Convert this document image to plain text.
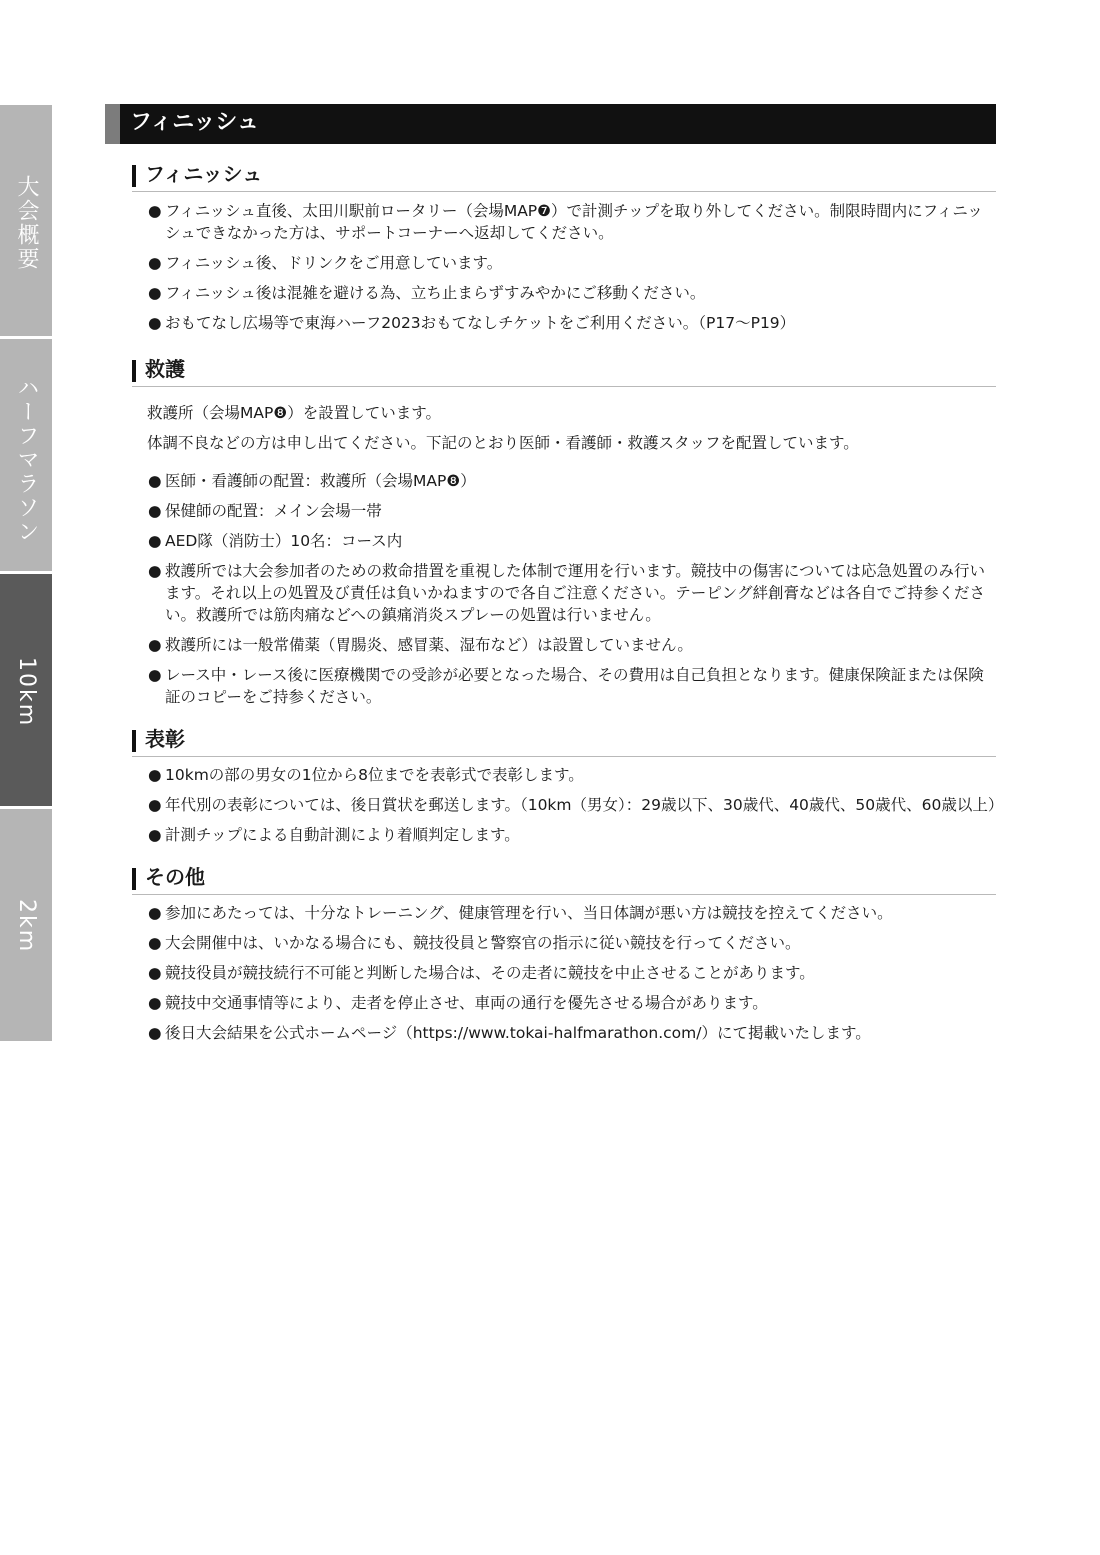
大会概要
ハーフマラソン
10km
2km
フィニッシュ
フィニッシュ
● フィニッシュ直後、太田川駅前ロータリー（会場MAP❼）で計測チップを取り外してください。制限時間内にフィニッシュできなかった方は、サポートコーナーへ返却してください。
● フィニッシュ後、ドリンクをご用意しています。
● フィニッシュ後は混雑を避ける為、立ち止まらずすみやかにご移動ください。
● おもてなし広場等で東海ハーフ2023おもてなしチケットをご利用ください。（P17〜P19）
救護
救護所（会場MAP❽）を設置しています。
体調不良などの方は申し出てください。下記のとおり医師・看護師・救護スタッフを配置しています。
● 医師・看護師の配置：救護所（会場MAP❽）
● 保健師の配置：メイン会場一帯
● AED隊（消防士）10名：コース内
● 救護所では大会参加者のための救命措置を重視した体制で運用を行います。競技中の傷害については応急処置のみ行います。それ以上の処置及び責任は負いかねますので各自ご注意ください。テーピング絆創膏などは各自でご持参ください。救護所では筋肉痛などへの鎮痛消炎スプレーの処置は行いません。
● 救護所には一般常備薬（胃腸炎、感冒薬、湿布など）は設置していません。
● レース中・レース後に医療機関での受診が必要となった場合、その費用は自己負担となります。健康保険証または保険証のコピーをご持参ください。
表彰
● 10kmの部の男女の1位から8位までを表彰式で表彰します。
● 年代別の表彰については、後日賞状を郵送します。（10km（男女）：29歳以下、30歳代、40歳代、50歳代、60歳以上）
● 計測チップによる自動計測により着順判定します。
その他
● 参加にあたっては、十分なトレーニング、健康管理を行い、当日体調が悪い方は競技を控えてください。
● 大会開催中は、いかなる場合にも、競技役員と警察官の指示に従い競技を行ってください。
● 競技役員が競技続行不可能と判断した場合は、その走者に競技を中止させることがあります。
● 競技中交通事情等により、走者を停止させ、車両の通行を優先させる場合があります。
● 後日大会結果を公式ホームページ（https://www.tokai-halfmarathon.com/）にて掲載いたします。
